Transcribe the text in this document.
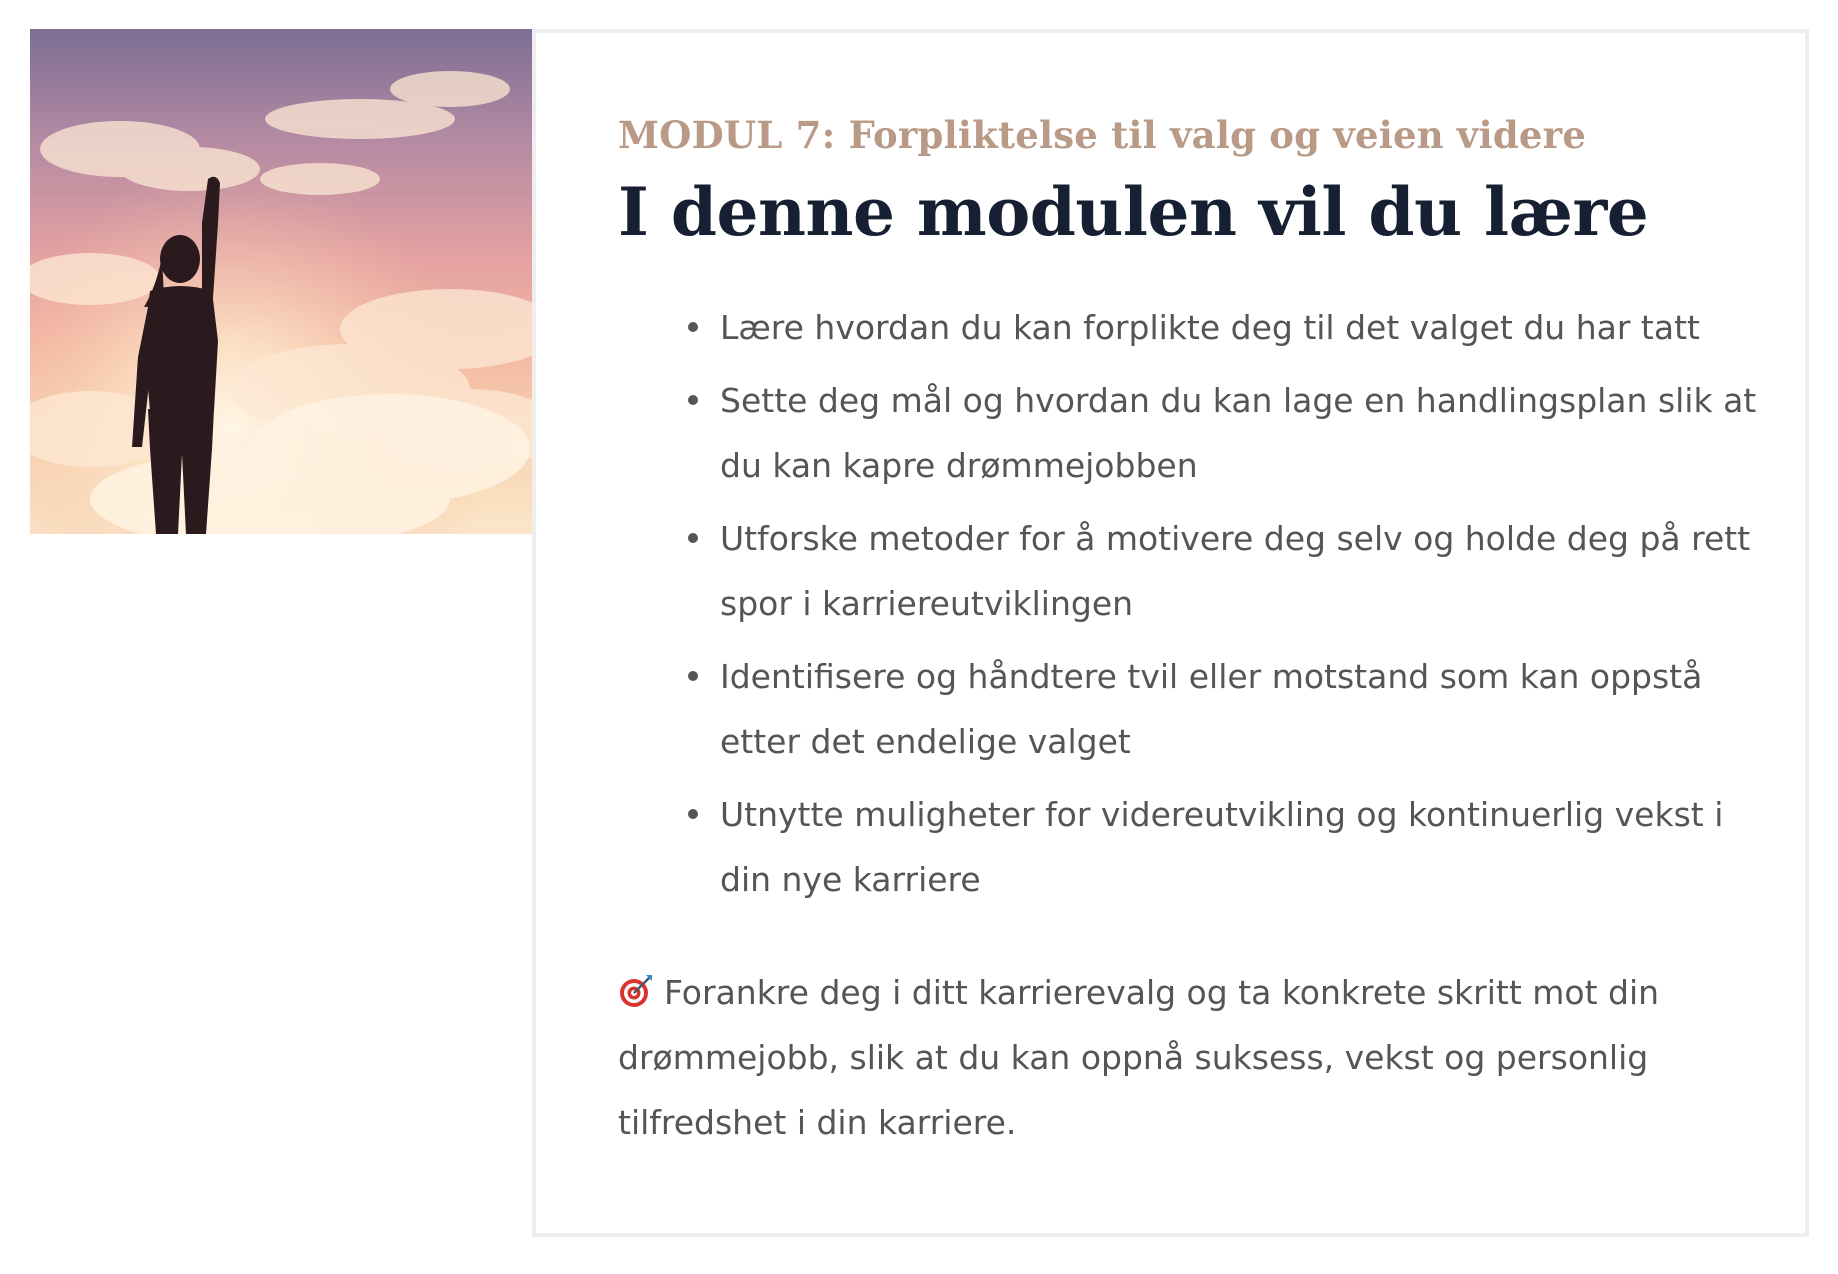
MODUL 7: Forpliktelse til valg og veien videre

I denne modulen vil du lære
Lære hvordan du kan forplikte deg til det valget du har tatt
Sette deg mål og hvordan du kan lage en handlingsplan slik at du kan kapre drømmejobben
Utforske metoder for å motivere deg selv og holde deg på rett spor i karriereutviklingen
Identifisere og håndtere tvil eller motstand som kan oppstå etter det endelige valget
Utnytte muligheter for videreutvikling og kontinuerlig vekst i din nye karriere

Forankre deg i ditt karrierevalg og ta konkrete skritt mot din drømmejobb, slik at du kan oppnå suksess, vekst og personlig tilfredshet i din karriere.
